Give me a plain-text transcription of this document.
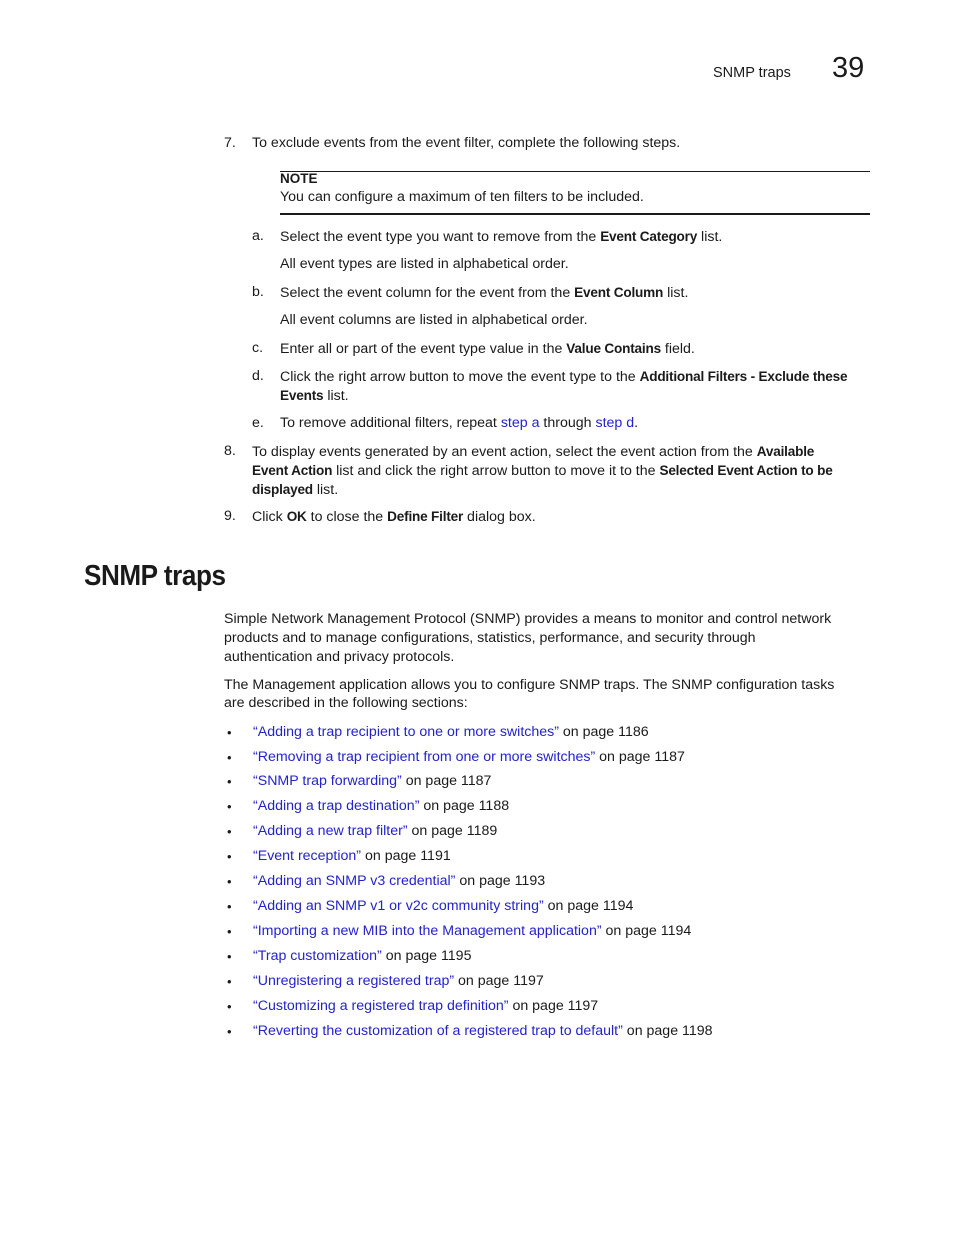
SNMP traps 39
7. To exclude events from the event filter, complete the following steps.
NOTE
You can configure a maximum of ten filters to be included.
a. Select the event type you want to remove from the Event Category list.
All event types are listed in alphabetical order.
b. Select the event column for the event from the Event Column list.
All event columns are listed in alphabetical order.
c. Enter all or part of the event type value in the Value Contains field.
d. Click the right arrow button to move the event type to the Additional Filters - Exclude these
Events list.
e. To remove additional filters, repeat step a through step d.
8. To display events generated by an event action, select the event action from the Available
Event Action list and click the right arrow button to move it to the Selected Event Action to be
displayed list.
9. Click OK to close the Define Filter dialog box.
SNMP traps
Simple Network Management Protocol (SNMP) provides a means to monitor and control network
products and to manage configurations, statistics, performance, and security through
authentication and privacy protocols.
The Management application allows you to configure SNMP traps. The SNMP configuration tasks
are described in the following sections:
• “Adding a trap recipient to one or more switches” on page 1186
• “Removing a trap recipient from one or more switches” on page 1187
• “SNMP trap forwarding” on page 1187
• “Adding a trap destination” on page 1188
• “Adding a new trap filter” on page 1189
• “Event reception” on page 1191
• “Adding an SNMP v3 credential” on page 1193
• “Adding an SNMP v1 or v2c community string” on page 1194
• “Importing a new MIB into the Management application” on page 1194
• “Trap customization” on page 1195
• “Unregistering a registered trap” on page 1197
• “Customizing a registered trap definition” on page 1197
• “Reverting the customization of a registered trap to default” on page 1198
